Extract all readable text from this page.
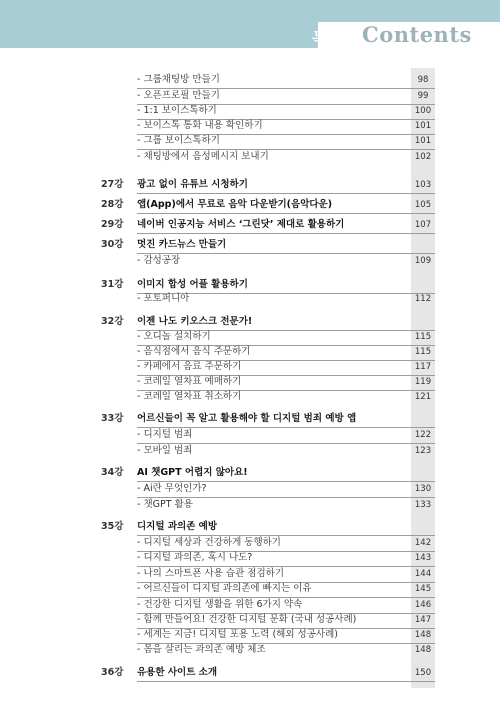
목차 Contents
- 그룹채팅방 만들기	98
- 오픈프로필 만들기	99
- 1:1 보이스톡하기	100
- 보이스톡 통화 내용 확인하기	101
- 그룹 보이스톡하기	101
- 채팅방에서 음성메시지 보내기	102
27강 광고 없이 유튜브 시청하기	103
28강 앱(App)에서 무료로 음악 다운받기(음악다운)	105
29강 네이버 인공지능 서비스 ‘그린닷’ 제대로 활용하기	107
30강 멋진 카드뉴스 만들기
- 감성공장	109
31강 이미지 합성 어플 활용하기
- 포토퍼니아	112
32강 이젠 나도 키오스크 전문가!
- 오디놀 설치하기	115
- 음식점에서 음식 주문하기	115
- 카페에서 음료 주문하기	117
- 코레일 열차표 예매하기	119
- 코레일 열차표 취소하기	121
33강 어르신들이 꼭 알고 활용해야 할 디지털 범죄 예방 앱
- 디지털 범죄	122
- 모바일 범죄	123
34강 AI 챗GPT 어렵지 않아요!
- Ai란 무엇인가?	130
- 챗GPT 활용	133
35강 디지털 과의존 예방
- 디지털 세상과 건강하게 동행하기	142
- 디지털 과의존, 혹시 나도?	143
- 나의 스마트폰 사용 습관 점검하기	144
- 어르신들이 디지털 과의존에 빠지는 이유	145
- 건강한 디지털 생활을 위한 6가지 약속	146
- 함께 만들어요! 건강한 디지털 문화 (국내 성공사례)	147
- 세계는 지금! 디지털 포용 노력 (해외 성공사례)	148
- 몸을 살리는 과의존 예방 체조	148
36강 유용한 사이트 소개	150
